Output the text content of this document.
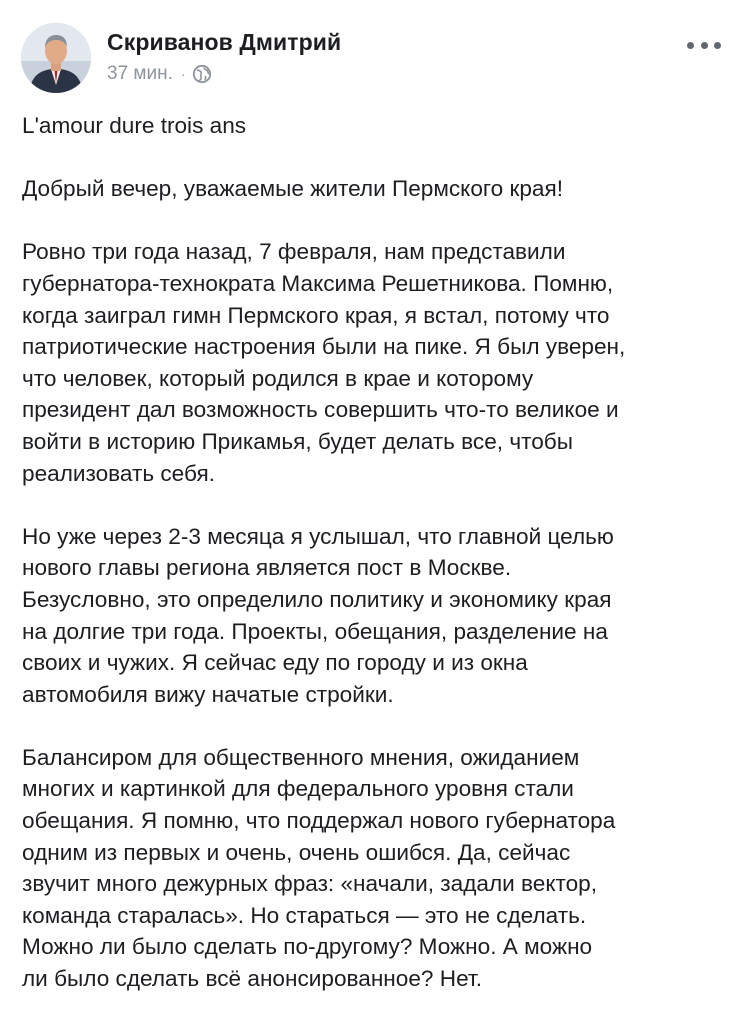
Скриванов Дмитрий
37 мин. ·

L'amour dure trois ans

Добрый вечер, уважаемые жители Пермского края!

Ровно три года назад, 7 февраля, нам представили
губернатора-технократа Максима Решетникова. Помню,
когда заиграл гимн Пермского края, я встал, потому что
патриотические настроения были на пике. Я был уверен,
что человек, который родился в крае и которому
президент дал возможность совершить что-то великое и
войти в историю Прикамья, будет делать все, чтобы
реализовать себя.

Но уже через 2-3 месяца я услышал, что главной целью
нового главы региона является пост в Москве.
Безусловно, это определило политику и экономику края
на долгие три года. Проекты, обещания, разделение на
своих и чужих. Я сейчас еду по городу и из окна
автомобиля вижу начатые стройки.

Балансиром для общественного мнения, ожиданием
многих и картинкой для федерального уровня стали
обещания. Я помню, что поддержал нового губернатора
одним из первых и очень, очень ошибся. Да, сейчас
звучит много дежурных фраз: «начали, задали вектор,
команда старалась». Но стараться — это не сделать.
Можно ли было сделать по-другому? Можно. А можно
ли было сделать всё анонсированное? Нет.
